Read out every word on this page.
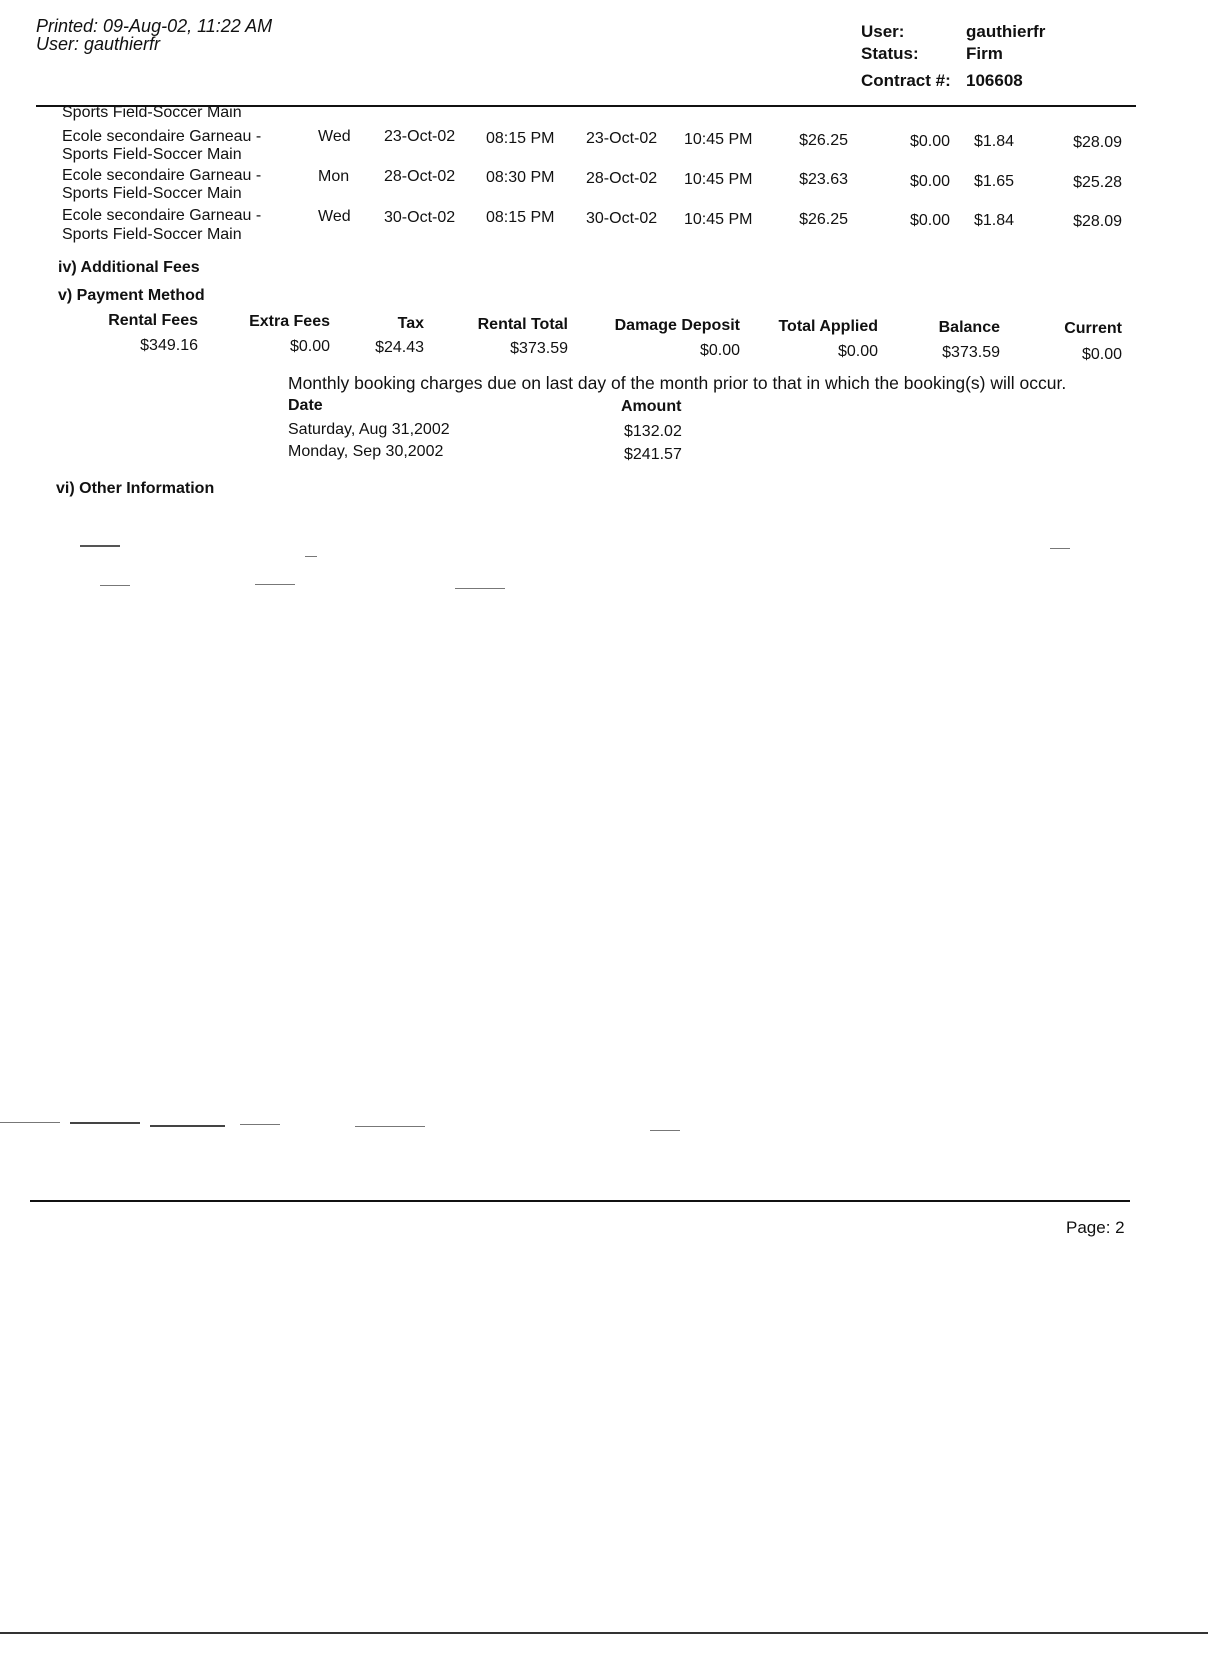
Printed: 09-Aug-02, 11:22 AM
User: gauthierfr
User:	gauthierfr
Status:	Firm
Contract #: 106608
Sports Field-Soccer Main
Ecole secondaire Garneau -
Sports Field-Soccer Main
Wed 23-Oct-02 08:15 PM 23-Oct-02 10:45 PM	$26.25	$0.00 $1.84	$28.09
Ecole secondaire Garneau -
Sports Field-Soccer Main
Mon 28-Oct-02 08:30 PM 28-Oct-02 10:45 PM	$23.63	$0.00 $1.65	$25.28
Ecole secondaire Garneau -
Sports Field-Soccer Main
Wed 30-Oct-02 08:15 PM 30-Oct-02 10:45 PM	$26.25	$0.00 $1.84	$28.09
iv) Additional Fees
v) Payment Method
Rental Fees	Extra Fees	Tax	Rental Total	Damage Deposit	Total Applied	Balance	Current
$349.16	$0.00	$24.43	$373.59	$0.00	$0.00	$373.59	$0.00
Monthly booking charges due on last day of the month prior to that in which the booking(s) will occur.
Date	Amount
Saturday, Aug 31,2002	$132.02
Monday, Sep 30,2002	$241.57
vi) Other Information
Page: 2
